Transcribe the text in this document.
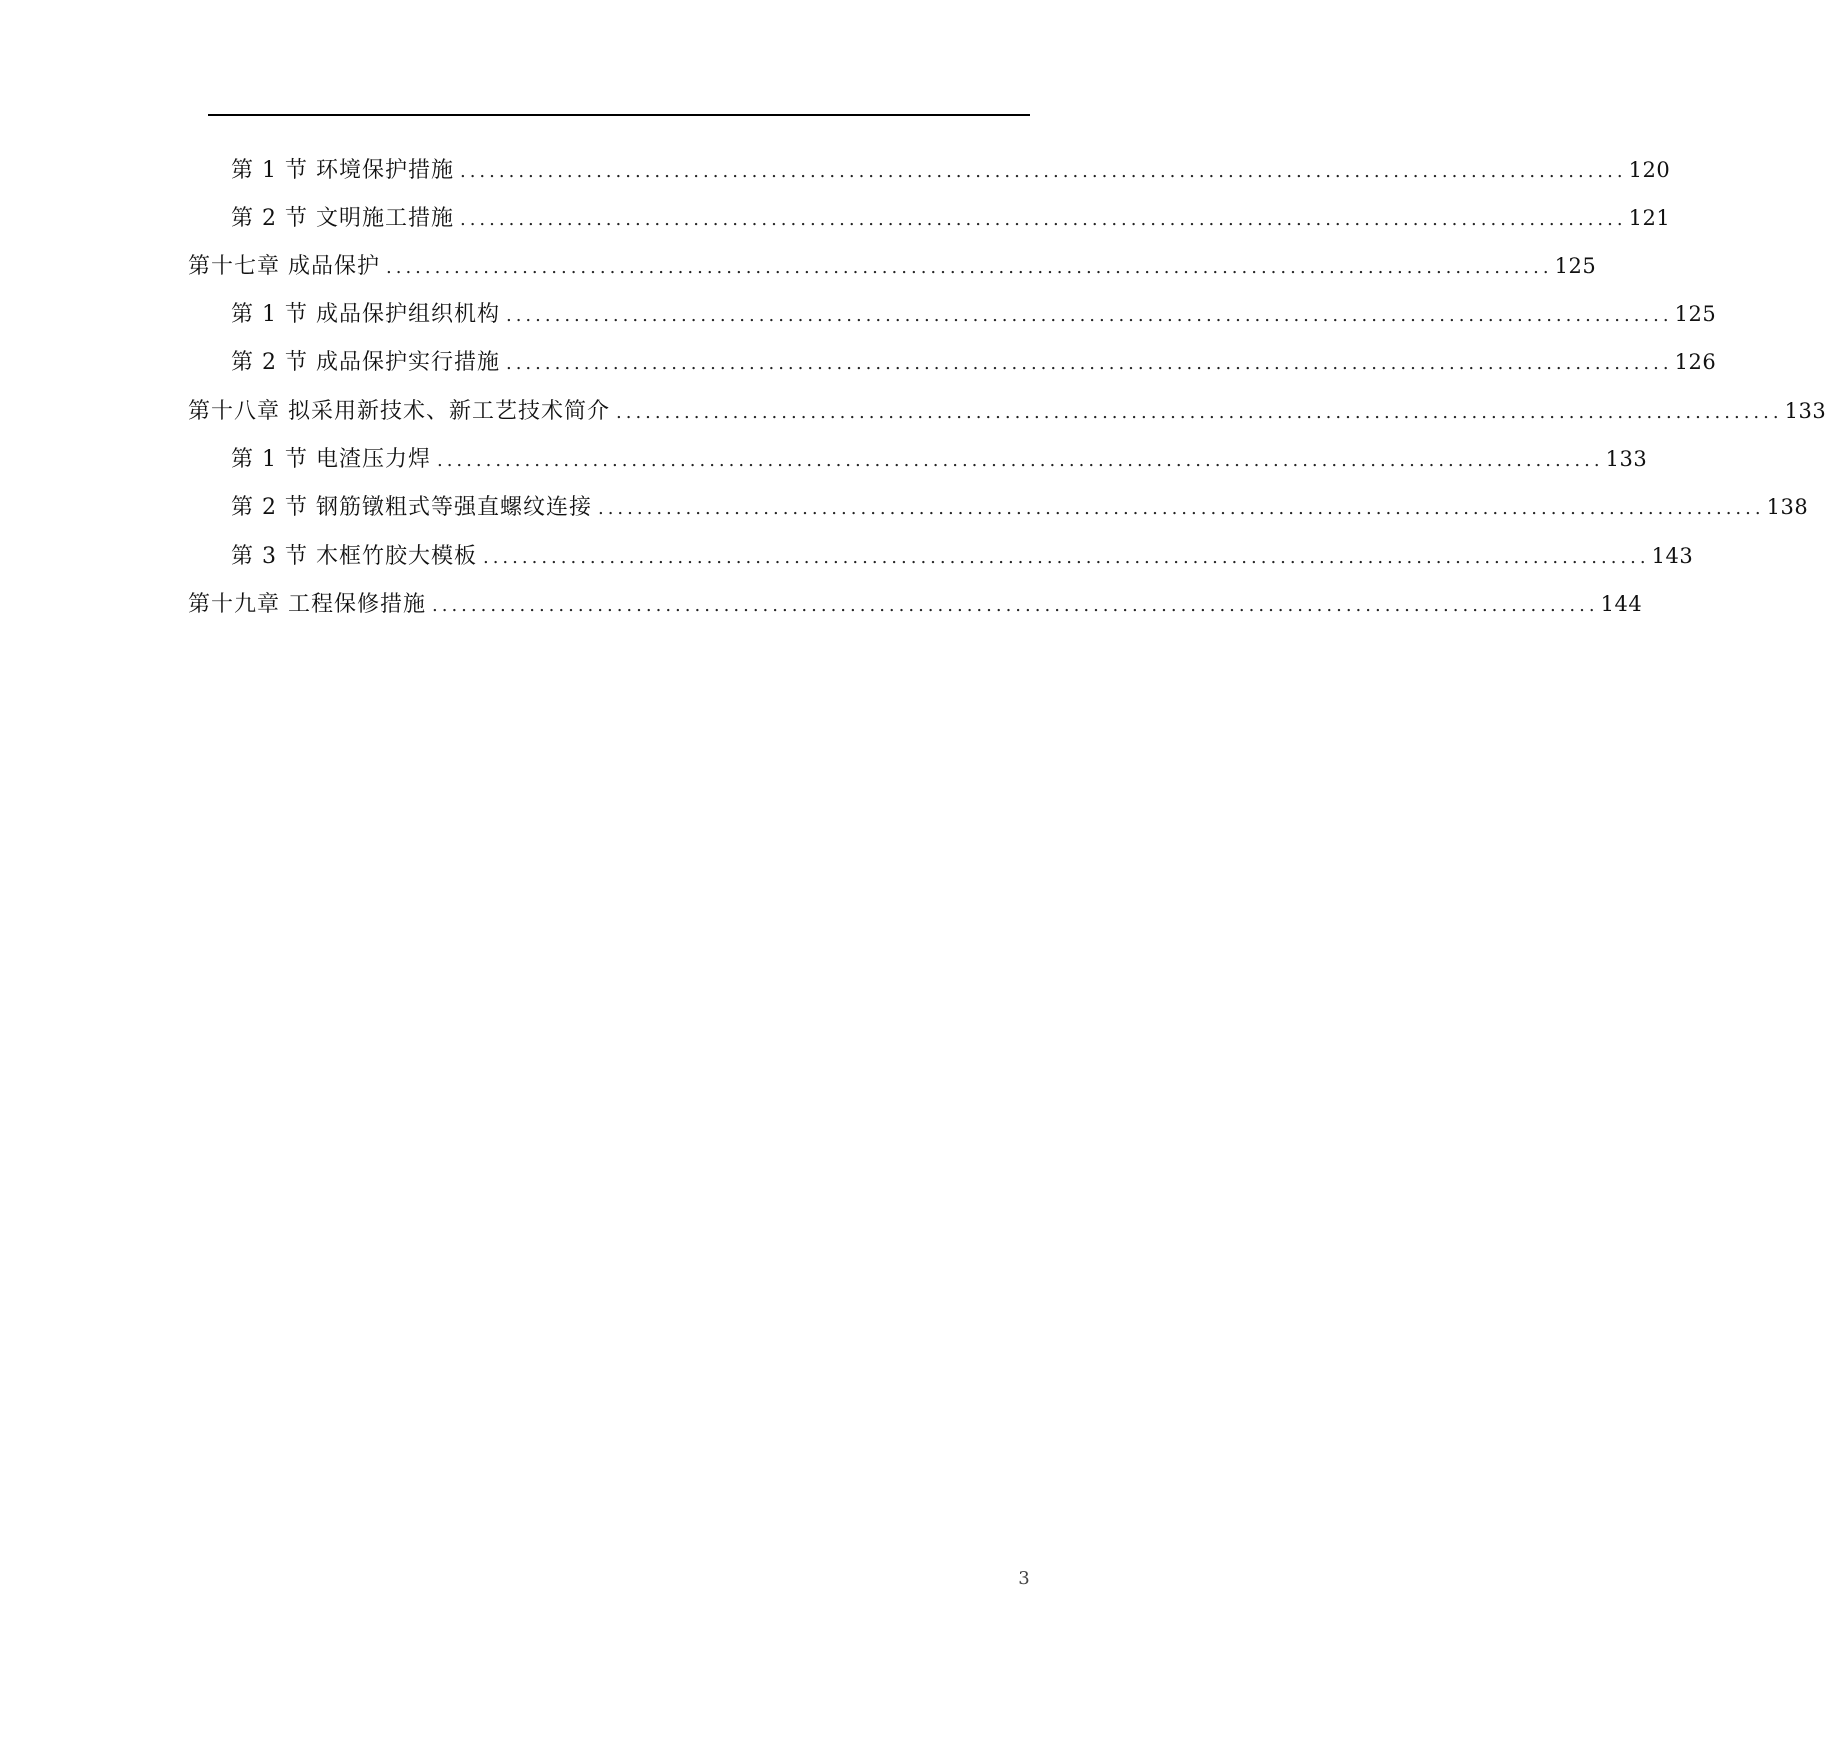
第 1 节 环境保护措施 ........................................................................................................................ 120
第 2 节 文明施工措施 ........................................................................................................................ 121
第十七章 成品保护 ........................................................................................................................ 125
第 1 节 成品保护组织机构 ........................................................................................................................ 125
第 2 节 成品保护实行措施 ........................................................................................................................ 126
第十八章 拟采用新技术、新工艺技术简介 ........................................................................................................................ 133
第 1 节 电渣压力焊 ........................................................................................................................ 133
第 2 节 钢筋镦粗式等强直螺纹连接 ........................................................................................................................ 138
第 3 节 木框竹胶大模板 ........................................................................................................................ 143
第十九章 工程保修措施 ........................................................................................................................ 144
3
